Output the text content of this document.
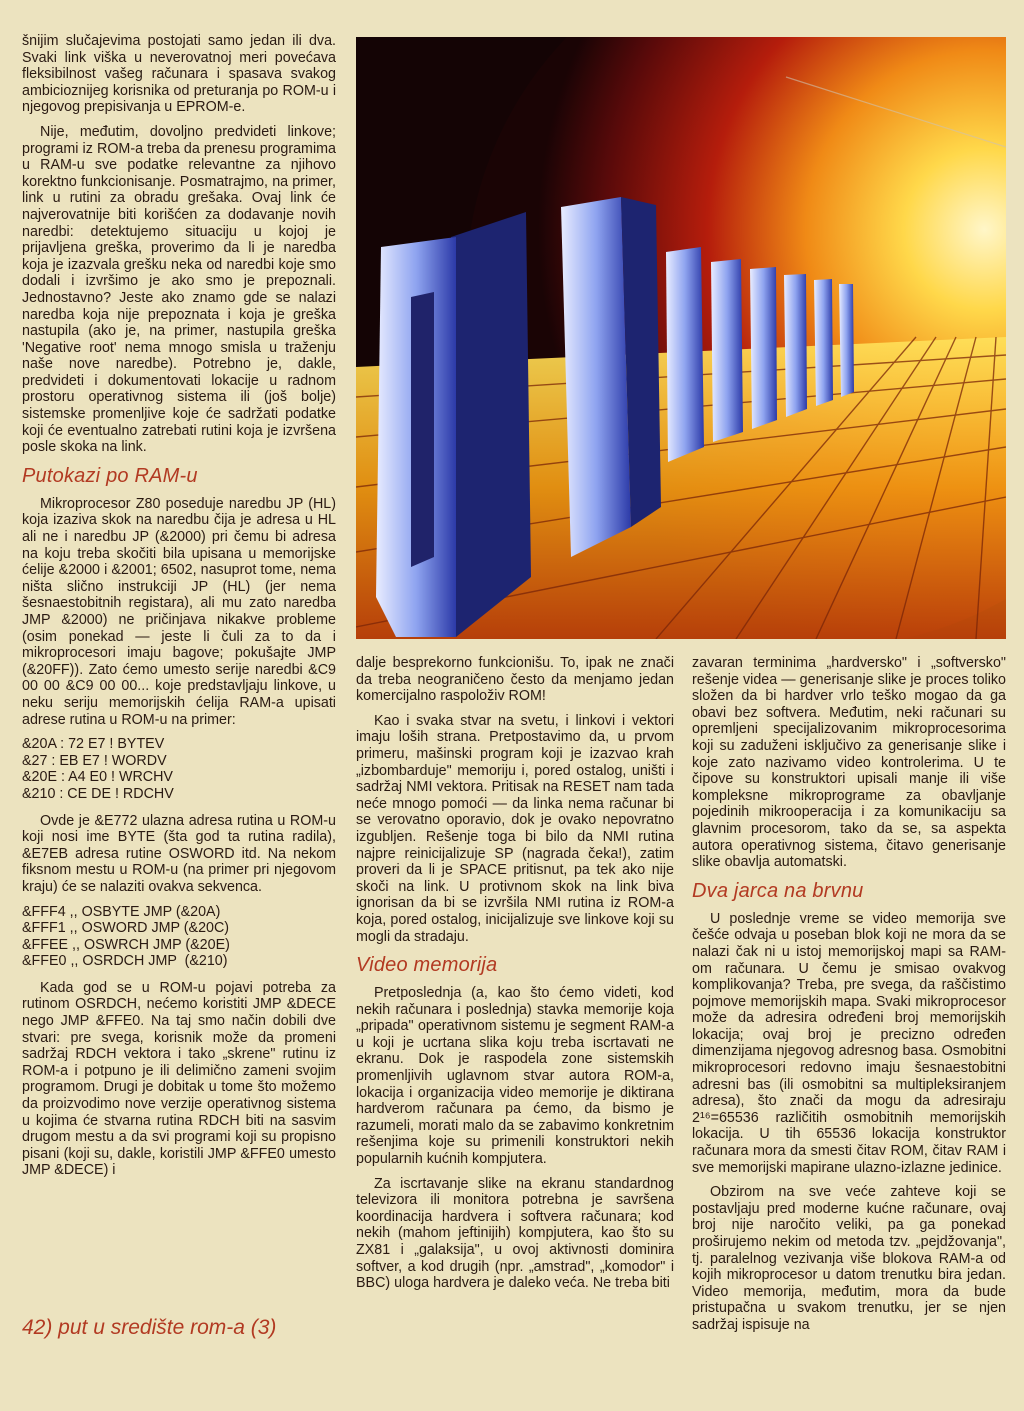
šnijim slučajevima postojati samo jedan ili dva. Svaki link viška u neverovatnoj meri povećava fleksibilnost vašeg računara i spasava svakog ambicioznijeg korisnika od preturanja po ROM-u i njegovog prepisivanja u EPROM-e.

Nije, međutim, dovoljno predvideti linkove; programi iz ROM-a treba da prenesu programima u RAM-u sve podatke relevantne za njihovo korektno funkcionisanje. Posmatrajmo, na primer, link u rutini za obradu grešaka. Ovaj link će najverovatnije biti korišćen za dodavanje novih naredbi: detektujemo situaciju u kojoj je prijavljena greška, proverimo da li je naredba koja je izazvala grešku neka od naredbi koje smo dodali i izvršimo je ako smo je prepoznali. Jednostavno? Jeste ako znamo gde se nalazi naredba koja nije prepoznata i koja je greška nastupila (ako je, na primer, nastupila greška 'Negative root' nema mnogo smisla u traženju naše nove naredbe). Potrebno je, dakle, predvideti i dokumentovati lokacije u radnom prostoru operativnog sistema ili (još bolje) sistemske promenljive koje će sadržati podatke koji će eventualno zatrebati rutini koja je izvršena posle skoka na link.

Putokazi po RAM-u

Mikroprocesor Z80 poseduje naredbu JP (HL) koja izaziva skok na naredbu čija je adresa u HL ali ne i naredbu JP (&2000) pri čemu bi adresa na koju treba skočiti bila upisana u memorijske ćelije &2000 i &2001; 6502, nasuprot tome, nema ništa slično instrukciji JP (HL) (jer nema šesnaestobitnih registara), ali mu zato naredba JMP &2000) ne pričinjava nikakve probleme (osim ponekad — jeste li čuli za to da i mikroprocesori imaju bagove; pokušajte JMP (&20FF)). Zato ćemo umesto serije naredbi &C9 00 00 &C9 00 00... koje predstavljaju linkove, u neku seriju memorijskih ćelija RAM-a upisati adrese rutina u ROM-u na primer:

&20A : 72 E7 ! BYTEV
&27 : EB E7 ! WORDV
&20E : A4 E0 ! WRCHV
&210 : CE DE ! RDCHV

Ovde je &E772 ulazna adresa rutina u ROM-u koji nosi ime BYTE (šta god ta rutina radila), &E7EB adresa rutine OSWORD itd. Na nekom fiksnom mestu u ROM-u (na primer pri njegovom kraju) će se nalaziti ovakva sekvenca.

&FFF4 ,, OSBYTE JMP (&20A)
&FFF1 ,, OSWORD JMP (&20C)
&FFEE ,, OSWRCH JMP (&20E)
&FFE0 ,, OSRDCH JMP  (&210)

Kada god se u ROM-u pojavi potreba za rutinom OSRDCH, nećemo koristiti JMP &DECE nego JMP &FFE0. Na taj smo način dobili dve stvari: pre svega, korisnik može da promeni sadržaj RDCH vektora i tako „skrene" rutinu iz ROM-a i potpuno je ili delimično zameni svojim programom. Drugi je dobitak u tome što možemo da proizvodimo nove verzije operativnog sistema u kojima će stvarna rutina RDCH biti na sasvim drugom mestu a da svi programi koji su propisno pisani (koji su, dakle, koristili JMP &FFE0 umesto JMP &DECE) i

dalje besprekorno funkcionišu. To, ipak ne znači da treba neograničeno često da menjamo jedan komercijalno raspoloživ ROM!

Kao i svaka stvar na svetu, i linkovi i vektori imaju loših strana. Pretpostavimo da, u prvom primeru, mašinski program koji je izazvao krah „izbombarduje" memoriju i, pored ostalog, uništi i sadržaj NMI vektora. Pritisak na RESET nam tada neće mnogo pomoći — da linka nema računar bi se verovatno oporavio, dok je ovako nepovratno izgubljen. Rešenje toga bi bilo da NMI rutina najpre reinicijalizuje SP (nagrada čeka!), zatim proveri da li je SPACE pritisnut, pa tek ako nije skoči na link. U protivnom skok na link biva ignorisan da bi se izvršila NMI rutina iz ROM-a koja, pored ostalog, inicijalizuje sve linkove koji su mogli da stradaju.

Video memorija

Pretposlednja (a, kao što ćemo videti, kod nekih računara i poslednja) stavka memorije koja „pripada" operativnom sistemu je segment RAM-a u koji je ucrtana slika koju treba iscrtavati ne ekranu. Dok je raspodela zone sistemskih promenljivih uglavnom stvar autora ROM-a, lokacija i organizacija video memorije je diktirana hardverom računara pa ćemo, da bismo je razumeli, morati malo da se zabavimo konkretnim rešenjima koje su primenili konstruktori nekih popularnih kućnih kompjutera.

Za iscrtavanje slike na ekranu standardnog televizora ili monitora potrebna je savršena koordinacija hardvera i softvera računara; kod nekih (mahom jeftinijih) kompjutera, kao što su ZX81 i „galaksija", u ovoj aktivnosti dominira softver, a kod drugih (npr. „amstrad", „komodor" i BBC) uloga hardvera je daleko veća. Ne treba biti

zavaran terminima „hardversko" i „softversko" rešenje videa — generisanje slike je proces toliko složen da bi hardver vrlo teško mogao da ga obavi bez softvera. Međutim, neki računari su opremljeni specijalizovanim mikroprocesorima koji su zaduženi isključivo za generisanje slike i koje zato nazivamo video kontrolerima. U te čipove su konstruktori upisali manje ili više kompleksne mikroprograme za obavljanje pojedinih mikrooperacija i za komunikaciju sa glavnim procesorom, tako da se, sa aspekta autora operativnog sistema, čitavo generisanje slike obavlja automatski.

Dva jarca na brvnu

U poslednje vreme se video memorija sve češće odvaja u poseban blok koji ne mora da se nalazi čak ni u istoj memorijskoj mapi sa RAM-om računara. U čemu je smisao ovakvog komplikovanja? Treba, pre svega, da raščistimo pojmove memorijskih mapa. Svaki mikroprocesor može da adresira određeni broj memorijskih lokacija; ovaj broj je precizno određen dimenzijama njegovog adresnog basa. Osmobitni mikroprocesori redovno imaju šesnaestobitni adresni bas (ili osmobitni sa multipleksiranjem adresa), što znači da mogu da adresiraju 2¹⁶=65536 različitih osmobitnih memorijskih lokacija. U tih 65536 lokacija konstruktor računara mora da smesti čitav ROM, čitav RAM i sve memorijski mapirane ulazno-izlazne jedinice.

Obzirom na sve veće zahteve koji se postavljaju pred moderne kućne računare, ovaj broj nije naročito veliki, pa ga ponekad proširujemo nekim od metoda tzv. „pejdžovanja", tj. paralelnog vezivanja više blokova RAM-a od kojih mikroprocesor u datom trenutku bira jedan. Video memorija, međutim, mora da bude pristupačna u svakom trenutku, jer se njen sadržaj ispisuje na

42) put u središte rom-a (3)
